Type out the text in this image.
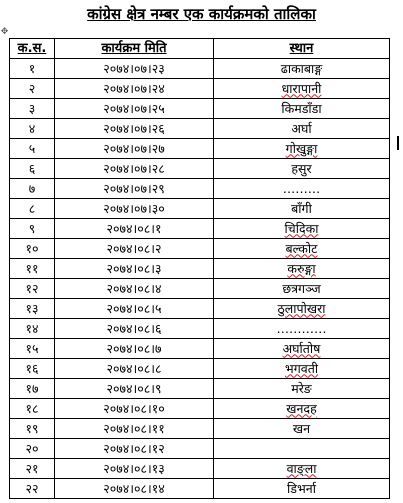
कांग्रेस क्षेत्र नम्बर एक कार्यक्रमको तालिका
✥
क.स.	कार्यक्रम मिति	स्थान
१	२०७४।०७।२३	ढाकाबाङ्ग
२	२०७४।०७।२४	धारापानी
३	२०७४।०७।२५	किमडाँडा
४	२०७४।०७।२६	अर्घा
५	२०७४।०७।२७	गोखुङ्गा
६	२०७४।०७।२८	हसुर
७	२०७४।०७।२९	………
८	२०७४।०७।३०	बाँगी
९	२०७४।०८।१	चिदिका
१०	२०७४।०८।२	बल्कोट
११	२०७४।०८।३	करुङ्गा
१२	२०७४।०८।४	छत्रगञ्ज
१३	२०७४।०८।५	ठुलापोखरा
१४	२०७४।०८।६	…………
१५	२०७४।०८।७	अर्घातोष
१६	२०७४।०८।८	भगवती
१७	२०७४।०८।९	मरेङ
१८	२०७४।०८।१०	खनदह
१९	२०७४।०८।११	खन
२०	२०७४।०८।१२	
२१	२०७४।०८।१३	वाङ्ला
२२	२०७४।०८।१४	डिभर्ना
